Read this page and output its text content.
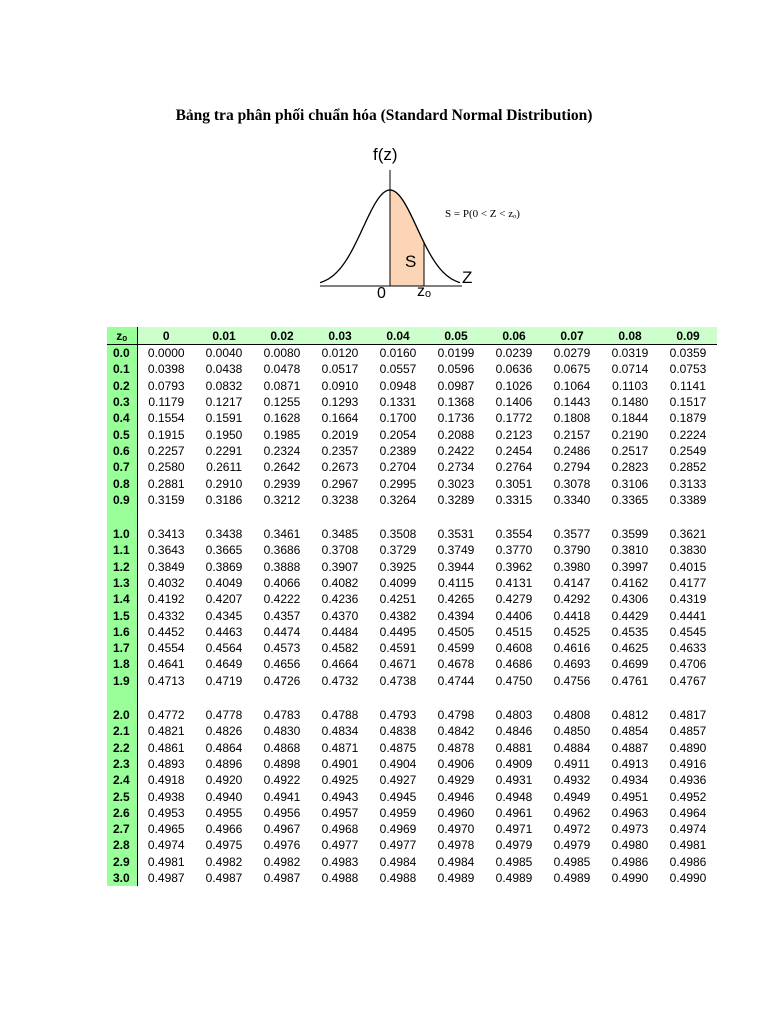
Bảng tra phân phối chuẩn hóa (Standard Normal Distribution)
f(z)
Z
S
S = P(0 < Z < zₒ)
0 zₒ
zₒ	0	0.01	0.02	0.03	0.04	0.05	0.06	0.07	0.08	0.09
0.0	0.0000	0.0040	0.0080	0.0120	0.0160	0.0199	0.0239	0.0279	0.0319	0.0359
0.1	0.0398	0.0438	0.0478	0.0517	0.0557	0.0596	0.0636	0.0675	0.0714	0.0753
0.2	0.0793	0.0832	0.0871	0.0910	0.0948	0.0987	0.1026	0.1064	0.1103	0.1141
0.3	0.1179	0.1217	0.1255	0.1293	0.1331	0.1368	0.1406	0.1443	0.1480	0.1517
0.4	0.1554	0.1591	0.1628	0.1664	0.1700	0.1736	0.1772	0.1808	0.1844	0.1879
0.5	0.1915	0.1950	0.1985	0.2019	0.2054	0.2088	0.2123	0.2157	0.2190	0.2224
0.6	0.2257	0.2291	0.2324	0.2357	0.2389	0.2422	0.2454	0.2486	0.2517	0.2549
0.7	0.2580	0.2611	0.2642	0.2673	0.2704	0.2734	0.2764	0.2794	0.2823	0.2852
0.8	0.2881	0.2910	0.2939	0.2967	0.2995	0.3023	0.3051	0.3078	0.3106	0.3133
0.9	0.3159	0.3186	0.3212	0.3238	0.3264	0.3289	0.3315	0.3340	0.3365	0.3389

1.0	0.3413	0.3438	0.3461	0.3485	0.3508	0.3531	0.3554	0.3577	0.3599	0.3621
1.1	0.3643	0.3665	0.3686	0.3708	0.3729	0.3749	0.3770	0.3790	0.3810	0.3830
1.2	0.3849	0.3869	0.3888	0.3907	0.3925	0.3944	0.3962	0.3980	0.3997	0.4015
1.3	0.4032	0.4049	0.4066	0.4082	0.4099	0.4115	0.4131	0.4147	0.4162	0.4177
1.4	0.4192	0.4207	0.4222	0.4236	0.4251	0.4265	0.4279	0.4292	0.4306	0.4319
1.5	0.4332	0.4345	0.4357	0.4370	0.4382	0.4394	0.4406	0.4418	0.4429	0.4441
1.6	0.4452	0.4463	0.4474	0.4484	0.4495	0.4505	0.4515	0.4525	0.4535	0.4545
1.7	0.4554	0.4564	0.4573	0.4582	0.4591	0.4599	0.4608	0.4616	0.4625	0.4633
1.8	0.4641	0.4649	0.4656	0.4664	0.4671	0.4678	0.4686	0.4693	0.4699	0.4706
1.9	0.4713	0.4719	0.4726	0.4732	0.4738	0.4744	0.4750	0.4756	0.4761	0.4767

2.0	0.4772	0.4778	0.4783	0.4788	0.4793	0.4798	0.4803	0.4808	0.4812	0.4817
2.1	0.4821	0.4826	0.4830	0.4834	0.4838	0.4842	0.4846	0.4850	0.4854	0.4857
2.2	0.4861	0.4864	0.4868	0.4871	0.4875	0.4878	0.4881	0.4884	0.4887	0.4890
2.3	0.4893	0.4896	0.4898	0.4901	0.4904	0.4906	0.4909	0.4911	0.4913	0.4916
2.4	0.4918	0.4920	0.4922	0.4925	0.4927	0.4929	0.4931	0.4932	0.4934	0.4936
2.5	0.4938	0.4940	0.4941	0.4943	0.4945	0.4946	0.4948	0.4949	0.4951	0.4952
2.6	0.4953	0.4955	0.4956	0.4957	0.4959	0.4960	0.4961	0.4962	0.4963	0.4964
2.7	0.4965	0.4966	0.4967	0.4968	0.4969	0.4970	0.4971	0.4972	0.4973	0.4974
2.8	0.4974	0.4975	0.4976	0.4977	0.4977	0.4978	0.4979	0.4979	0.4980	0.4981
2.9	0.4981	0.4982	0.4982	0.4983	0.4984	0.4984	0.4985	0.4985	0.4986	0.4986
3.0	0.4987	0.4987	0.4987	0.4988	0.4988	0.4989	0.4989	0.4989	0.4990	0.4990
